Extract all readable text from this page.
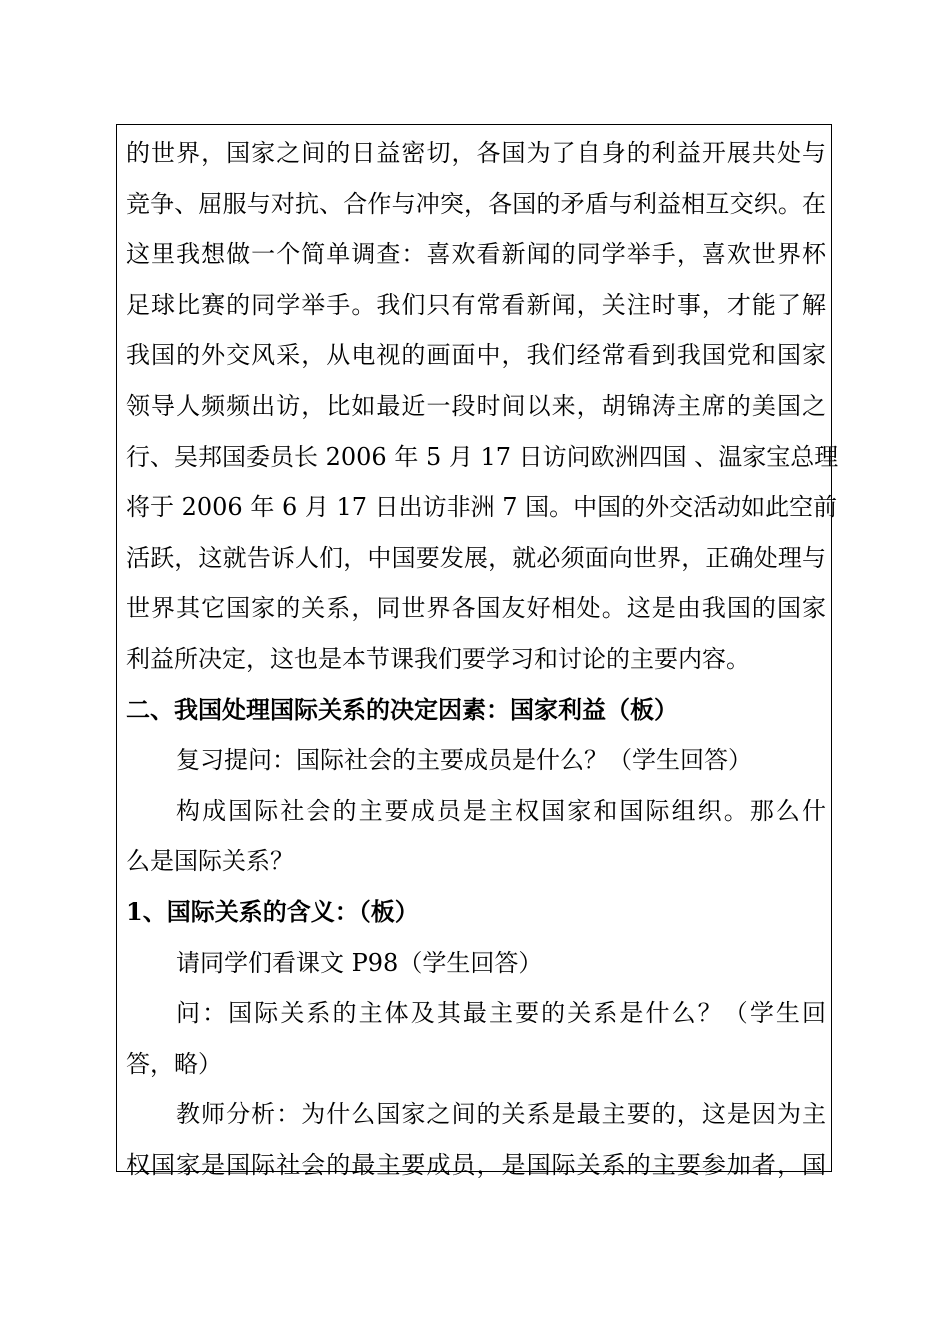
的世界，国家之间的日益密切，各国为了自身的利益开展共处与
竞争、屈服与对抗、合作与冲突，各国的矛盾与利益相互交织。在
这里我想做一个简单调查：喜欢看新闻的同学举手，喜欢世界杯
足球比赛的同学举手。我们只有常看新闻，关注时事，才能了解
我国的外交风采，从电视的画面中，我们经常看到我国党和国家
领导人频频出访，比如最近一段时间以来，胡锦涛主席的美国之
行、吴邦国委员长 2006 年 5 月 17 日访问欧洲四国 、温家宝总理
将于 2006 年 6 月 17 日出访非洲 7 国。中国的外交活动如此空前
活跃，这就告诉人们，中国要发展，就必须面向世界，正确处理与
世界其它国家的关系，同世界各国友好相处。这是由我国的国家
利益所决定，这也是本节课我们要学习和讨论的主要内容。
二、我国处理国际关系的决定因素：国家利益（板）
复习提问：国际社会的主要成员是什么？（学生回答）
构成国际社会的主要成员是主权国家和国际组织。那么什
么是国际关系？
1、国际关系的含义：（板）
请同学们看课文 P98（学生回答）
问：国际关系的主体及其最主要的关系是什么？（学生回
答，略）
教师分析：为什么国家之间的关系是最主要的，这是因为主
权国家是国际社会的最主要成员，是国际关系的主要参加者，国
